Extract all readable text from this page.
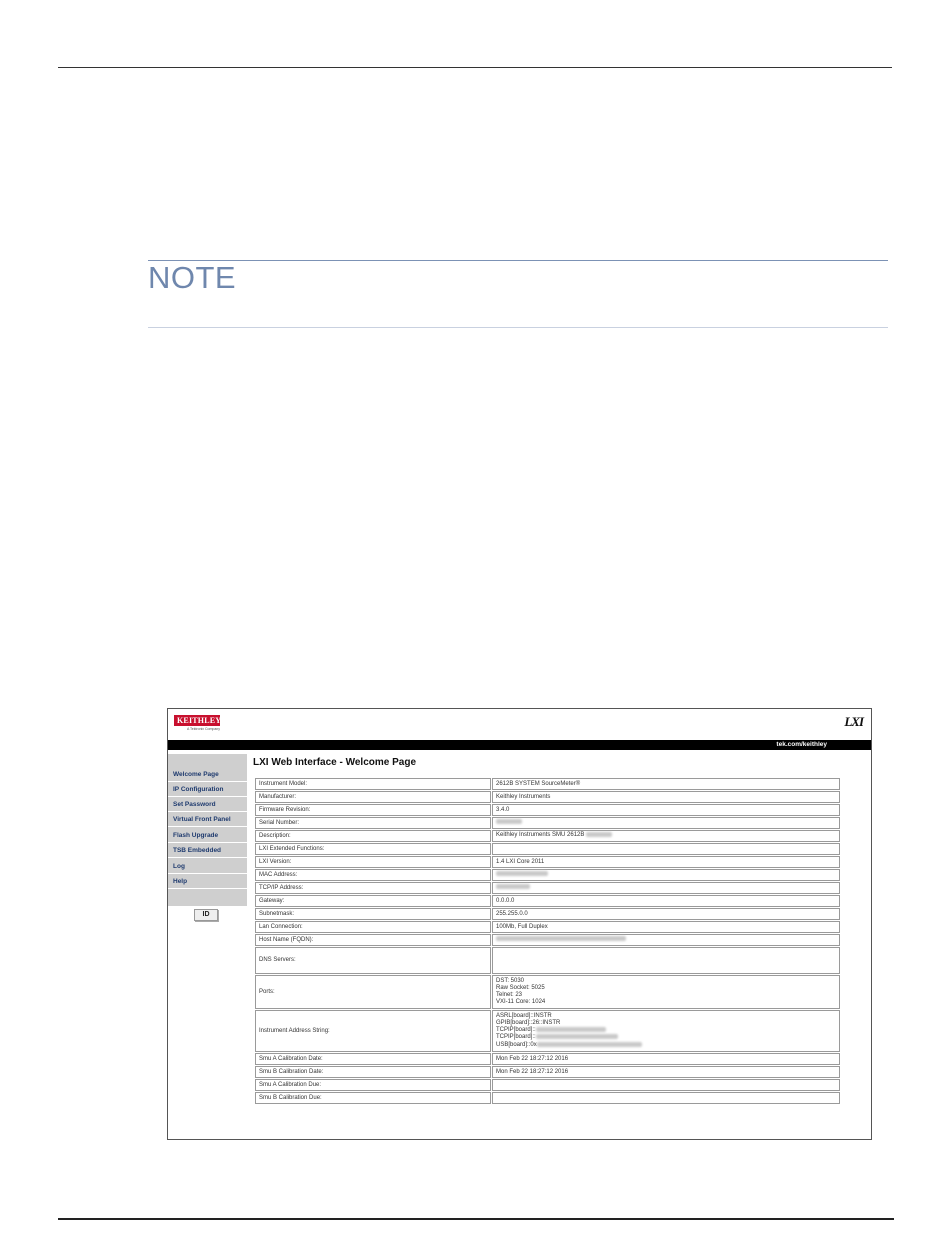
NOTE
KEITHLEY
A Tektronix Company	LXI
tek.com/keithley
Welcome Page
IP Configuration
Set Password
Virtual Front Panel
Flash Upgrade
TSB Embedded
Log
Help
ID
LXI Web Interface - Welcome Page
Instrument Model:	2612B SYSTEM SourceMeter®
Manufacturer:	Keithley Instruments
Firmware Revision:	3.4.0
Serial Number:	
Description:	Keithley Instruments SMU 2612B
LXI Extended Functions:	
LXI Version:	1.4 LXI Core 2011
MAC Address:	
TCP/IP Address:	
Gateway:	0.0.0.0
Subnetmask:	255.255.0.0
Lan Connection:	100Mb, Full Duplex
Host Name (FQDN):	
DNS Servers:	
Ports:	DST: 5030
Raw Socket: 5025
Telnet: 23
VXI-11 Core: 1024

Instrument Address String:	ASRL[board]::INSTR
GPIB[board]::26::INSTR
TCPIP[board]::
TCPIP[board]::
USB[board]::0x

Smu A Calibration Date:	Mon Feb 22 18:27:12 2016
Smu B Calibration Date:	Mon Feb 22 18:27:12 2016
Smu A Calibration Due:	
Smu B Calibration Due:	
